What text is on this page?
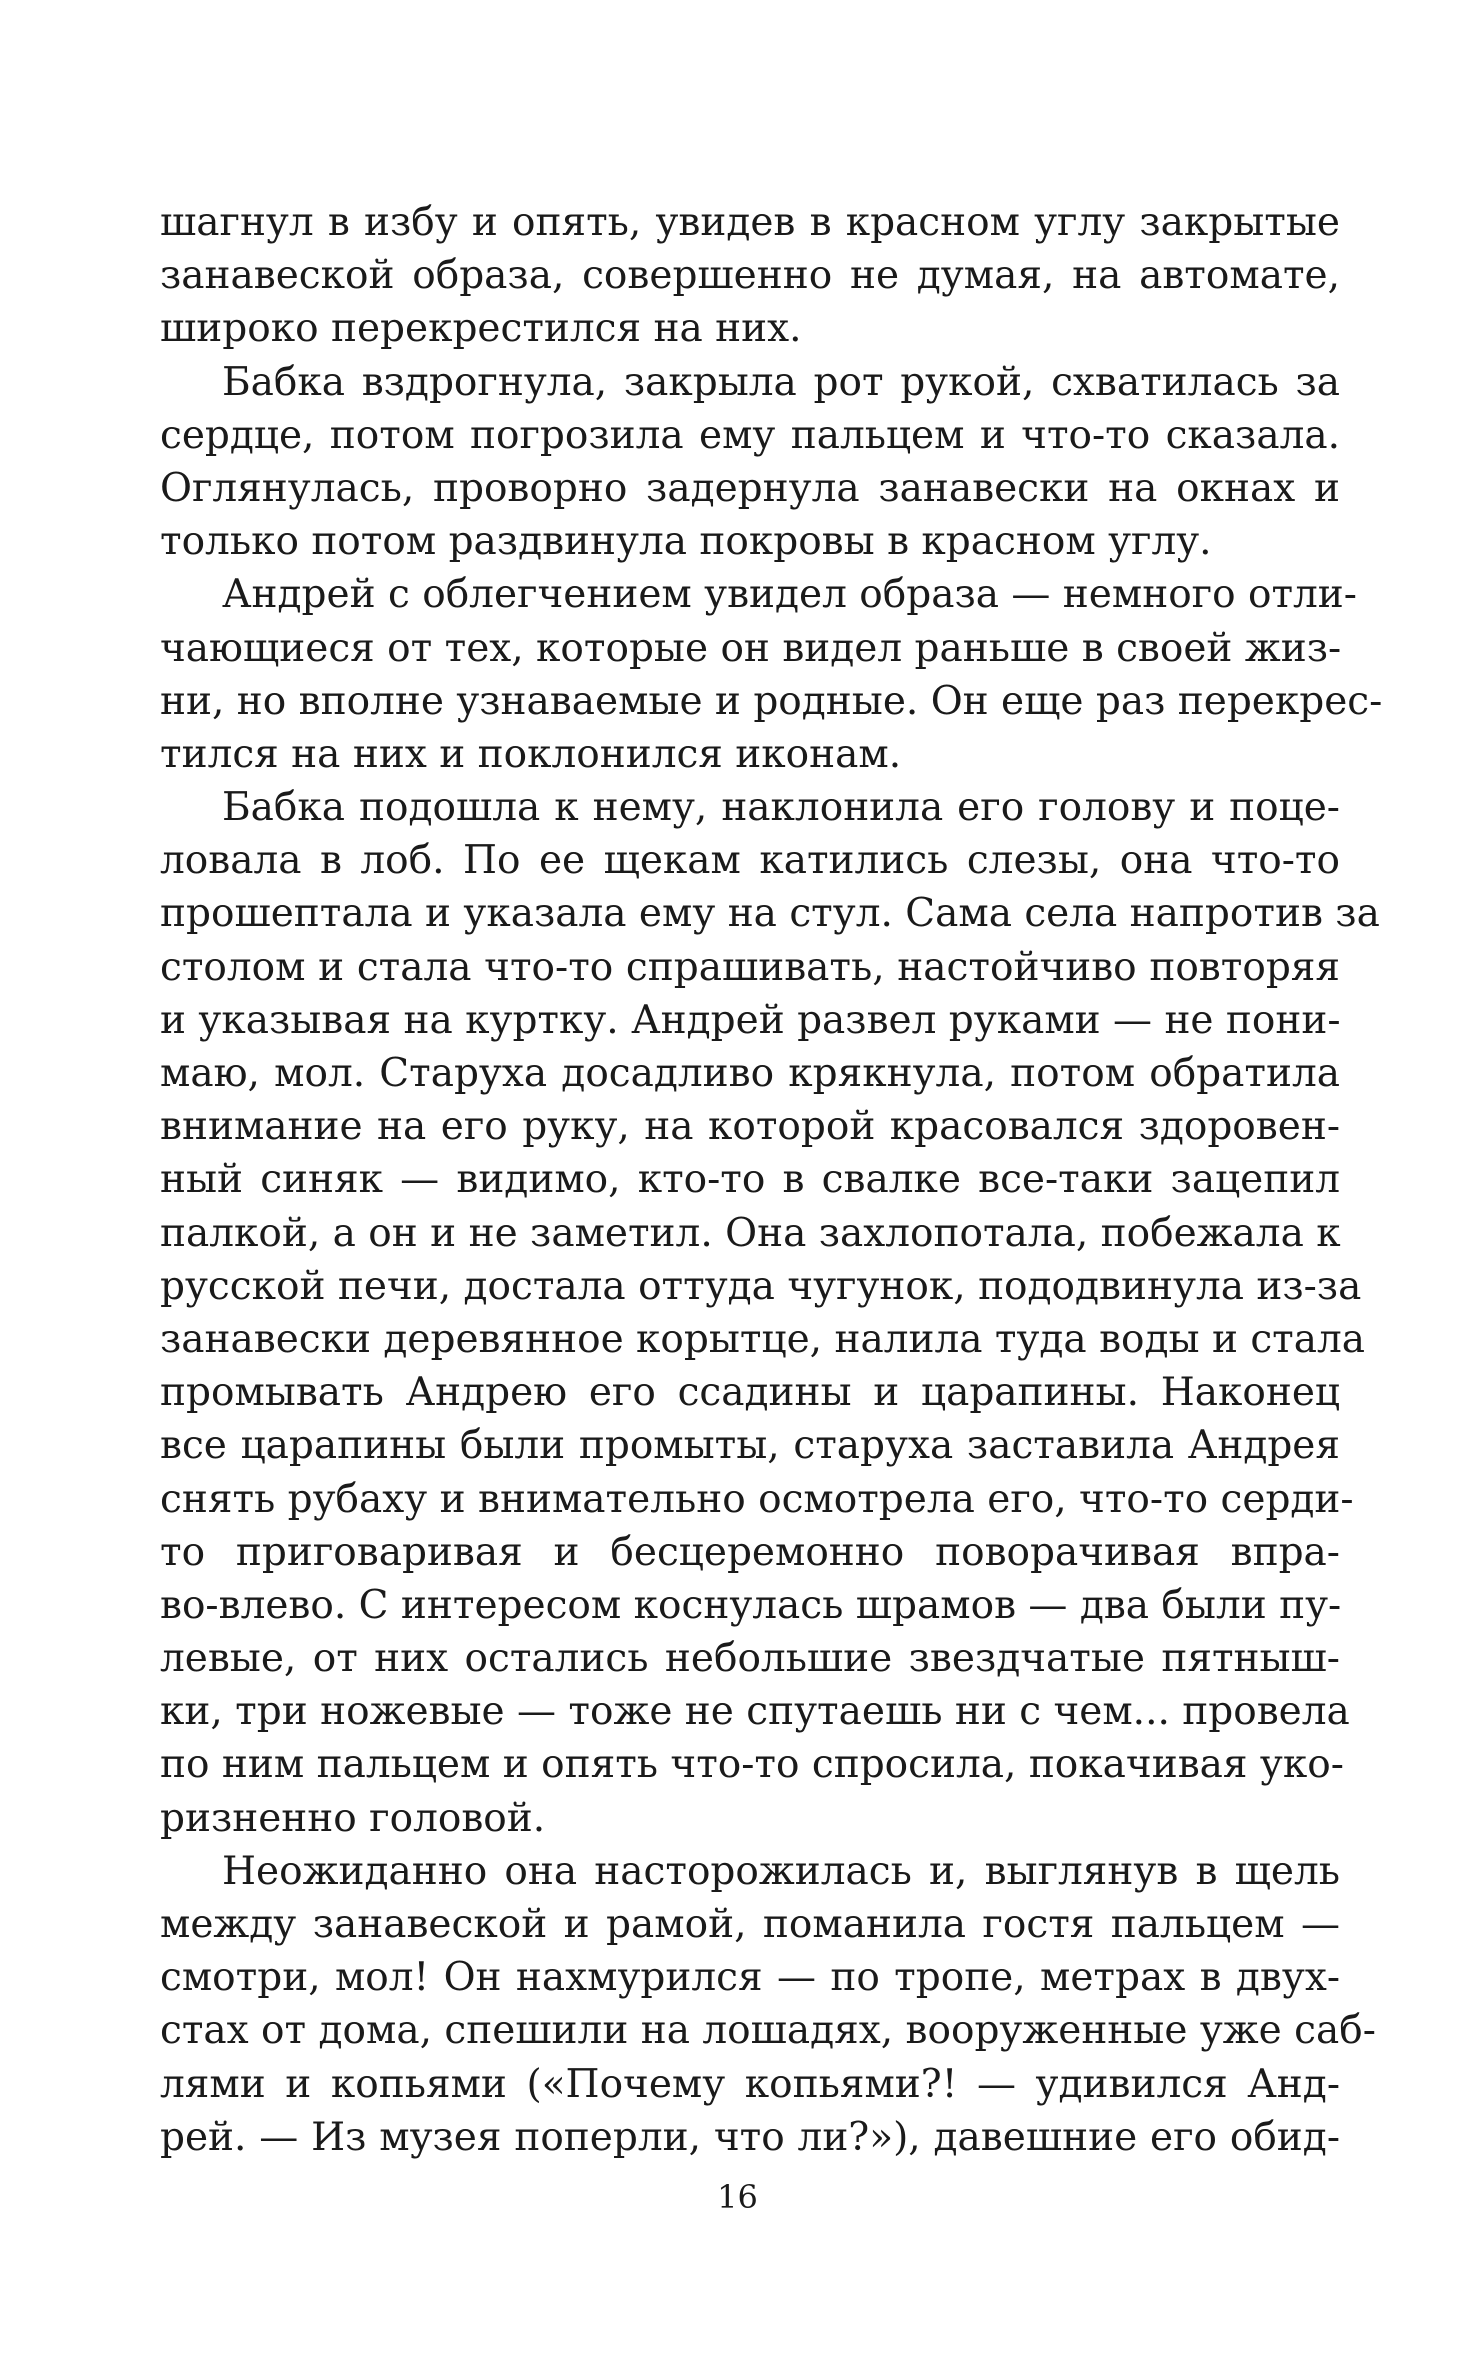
шагнул в избу и опять, увидев в красном углу закрытые
занавеской образа, совершенно не думая, на автомате,
широко перекрестился на них.
Бабка вздрогнула, закрыла рот рукой, схватилась за
сердце, потом погрозила ему пальцем и что-то сказала.
Оглянулась, проворно задернула занавески на окнах и
только потом раздвинула покровы в красном углу.
Андрей с облегчением увидел образа — немного отли-
чающиеся от тех, которые он видел раньше в своей жиз-
ни, но вполне узнаваемые и родные. Он еще раз перекрес-
тился на них и поклонился иконам.
Бабка подошла к нему, наклонила его голову и поце-
ловала в лоб. По ее щекам катились слезы, она что-то
прошептала и указала ему на стул. Сама села напротив за
столом и стала что-то спрашивать, настойчиво повторяя
и указывая на куртку. Андрей развел руками — не пони-
маю, мол. Старуха досадливо крякнула, потом обратила
внимание на его руку, на которой красовался здоровен-
ный синяк — видимо, кто-то в свалке все-таки зацепил
палкой, а он и не заметил. Она захлопотала, побежала к
русской печи, достала оттуда чугунок, пододвинула из-за
занавески деревянное корытце, налила туда воды и стала
промывать Андрею его ссадины и царапины. Наконец
все царапины были промыты, старуха заставила Андрея
снять рубаху и внимательно осмотрела его, что-то серди-
то приговаривая и бесцеремонно поворачивая впра-
во-влево. С интересом коснулась шрамов — два были пу-
левые, от них остались небольшие звездчатые пятныш-
ки, три ножевые — тоже не спутаешь ни с чем... провела
по ним пальцем и опять что-то спросила, покачивая уко-
ризненно головой.
Неожиданно она насторожилась и, выглянув в щель
между занавеской и рамой, поманила гостя пальцем —
смотри, мол! Он нахмурился — по тропе, метрах в двух-
стах от дома, спешили на лошадях, вооруженные уже саб-
лями и копьями («Почему копьями?! — удивился Анд-
рей. — Из музея поперли, что ли?»), давешние его обид-
16
